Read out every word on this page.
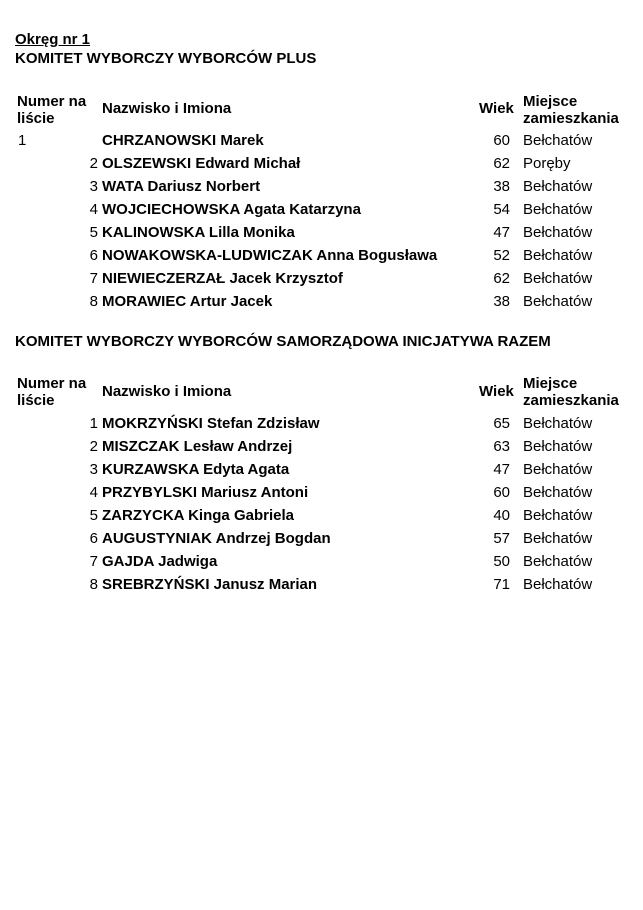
Okręg nr 1
KOMITET WYBORCZY WYBORCÓW PLUS
Numer na liście
Nazwisko i Imiona	Wiek Miejsce zamieszkania
1	CHRZANOWSKI Marek	60 Bełchatów
2 OLSZEWSKI Edward Michał	62 Poręby
3 WATA Dariusz Norbert	38 Bełchatów
4 WOJCIECHOWSKA Agata Katarzyna	54 Bełchatów
5 KALINOWSKA Lilla Monika	47 Bełchatów
6 NOWAKOWSKA-LUDWICZAK Anna Bogusława	52 Bełchatów
7 NIEWIECZERZAŁ Jacek Krzysztof	62 Bełchatów
8 MORAWIEC Artur Jacek	38 Bełchatów
KOMITET WYBORCZY WYBORCÓW SAMORZĄDOWA INICJATYWA RAZEM
Numer na liście
Nazwisko i Imiona	Wiek Miejsce zamieszkania
1 MOKRZYŃSKI Stefan Zdzisław	65 Bełchatów
2 MISZCZAK Lesław Andrzej	63 Bełchatów
3 KURZAWSKA Edyta Agata	47 Bełchatów
4 PRZYBYLSKI Mariusz Antoni	60 Bełchatów
5 ZARZYCKA Kinga Gabriela	40 Bełchatów
6 AUGUSTYNIAK Andrzej Bogdan	57 Bełchatów
7 GAJDA Jadwiga	50 Bełchatów
8 SREBRZYŃSKI Janusz Marian	71 Bełchatów
